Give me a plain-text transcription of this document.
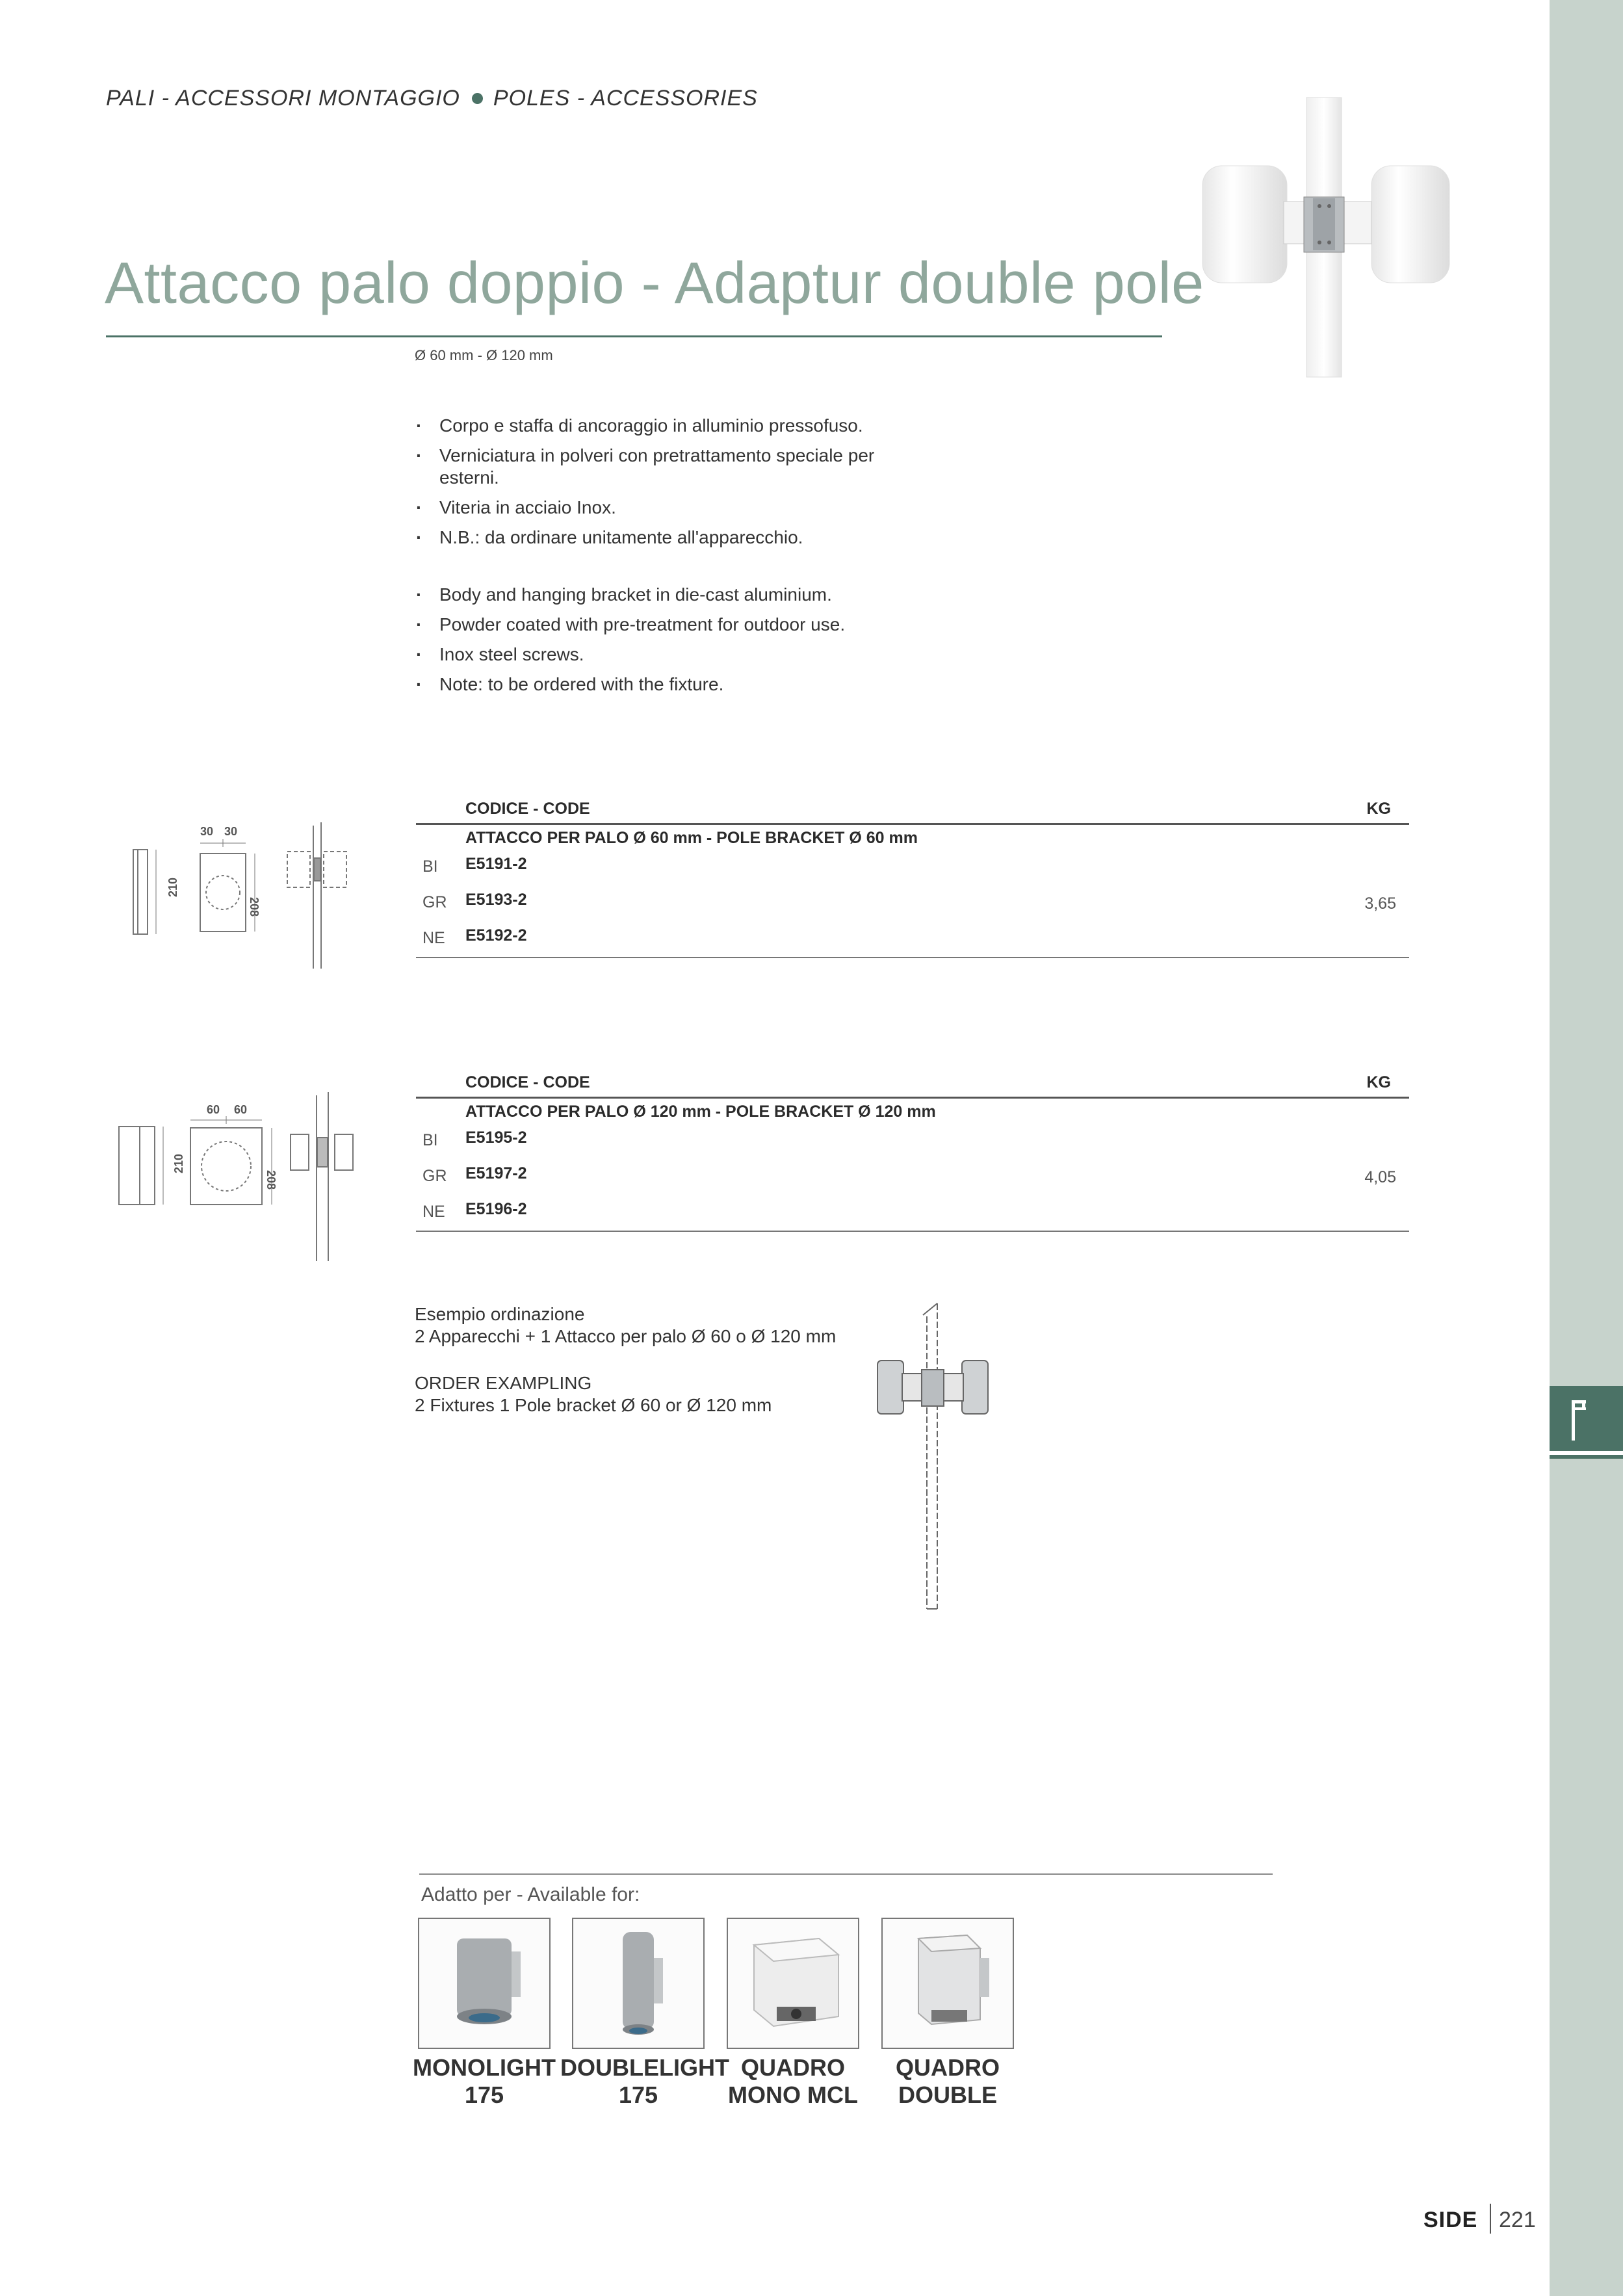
PALI - ACCESSORI MONTAGGIO POLES - ACCESSORIES
Attacco palo doppio - Adaptur double pole
Ø 60 mm - Ø 120 mm
· Corpo e staffa di ancoraggio in alluminio pressofuso.
· Verniciatura in polveri con pretrattamento speciale per esterni.
· Viteria in acciaio Inox.
· N.B.: da ordinare unitamente all'apparecchio.
· Body and hanging bracket in die-cast aluminium.
· Powder coated with pre-treatment for outdoor use.
· Inox steel screws.
· Note: to be ordered with the fixture.
30 30
210
208
CODICE - CODE	KG
ATTACCO PER PALO Ø 60 mm - POLE BRACKET Ø 60 mm
BI E5191-2
GR E5193-2	3,65
NE E5192-2
60 60
210
208
CODICE - CODE	KG
ATTACCO PER PALO Ø 120 mm - POLE BRACKET Ø 120 mm
BI E5195-2
GR E5197-2	4,05
NE E5196-2

Esempio ordinazione
2 Apparecchi + 1 Attacco per palo Ø 60 o Ø 120 mm

ORDER EXAMPLING
2 Fixtures 1 Pole bracket Ø 60 or Ø 120 mm

Adatto per - Available for:
MONOLIGHT
175
DOUBLELIGHT
175
QUADRO
MONO MCL
QUADRO
DOUBLE
SIDE 221
